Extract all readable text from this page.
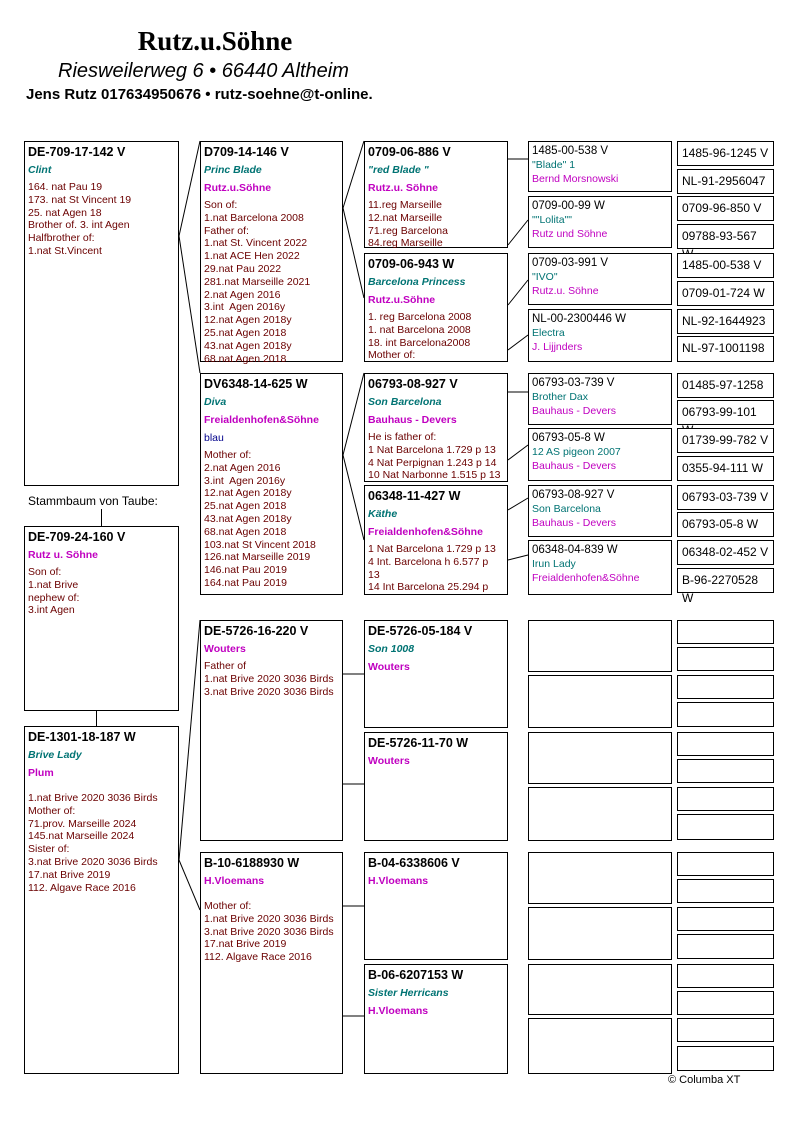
Rutz.u.Söhne
Riesweilerweg 6 • 66440 Altheim
Jens Rutz 017634950676 • rutz-soehne@t-online.
Stammbaum von Taube:
DE-709-24-160 V
Rutz u. Söhne
Son of:
1.nat Brive
nephew of:
3.int Agen
DE-709-17-142 V
Clint
164. nat Pau 19
173. nat St Vincent 19
25. nat Agen 18
Brother of. 3. int Agen
Halfbrother of:
1.nat St.Vincent
DE-1301-18-187 W
Brive Lady
Plum
1.nat Brive 2020 3036 Birds
Mother of:
71.prov. Marseille 2024
145.nat Marseille 2024
Sister of:
3.nat Brive 2020 3036 Birds
17.nat Brive 2019
112. Algave Race 2016
D709-14-146 V
Princ Blade
Rutz.u.Söhne
Son of:
1.nat Barcelona 2008
Father of:
1.nat St. Vincent 2022
1.nat ACE Hen 2022
29.nat Pau 2022
281.nat Marseille 2021
2.nat Agen 2016
3.int  Agen 2016y
12.nat Agen 2018y
25.nat Agen 2018
43.nat Agen 2018y
68.nat Agen 2018
DV6348-14-625 W
Diva
Freialdenhofen&Söhne
blau
Mother of:
2.nat Agen 2016
3.int  Agen 2016y
12.nat Agen 2018y
25.nat Agen 2018
43.nat Agen 2018y
68.nat Agen 2018
103.nat St Vincent 2018
126.nat Marseille 2019
146.nat Pau 2019
164.nat Pau 2019
DE-5726-16-220 V
Wouters
Father of
1.nat Brive 2020 3036 Birds
3.nat Brive 2020 3036 Birds
B-10-6188930 W
H.Vloemans
Mother of:
1.nat Brive 2020 3036 Birds
3.nat Brive 2020 3036 Birds
17.nat Brive 2019
112. Algave Race 2016
0709-06-886 V
"red Blade "
Rutz.u. Söhne
11.reg Marseille
12.nat Marseille
71.reg Barcelona
84.reg Marseille
0709-06-943 W
Barcelona Princess
Rutz.u.Söhne
1. reg Barcelona 2008
1. nat Barcelona 2008
18. int Barcelona2008
Mother of:
06793-08-927 V
Son Barcelona
Bauhaus - Devers
He is father of:
1 Nat Barcelona 1.729 p 13
4 Nat Perpignan 1.243 p 14
10 Nat Narbonne 1.515 p 13
06348-11-427 W
Käthe
Freialdenhofen&Söhne
1 Nat Barcelona 1.729 p 13
4 Int. Barcelona h 6.577 p
13
14 Int Barcelona 25.294 p
DE-5726-05-184 V
Son 1008
Wouters
DE-5726-11-70 W
Wouters
B-04-6338606 V
H.Vloemans
B-06-6207153 W
Sister Herricans
H.Vloemans
1485-00-538 V
"Blade" 1
Bernd Morsnowski
0709-00-99 W
""Lolita""
Rutz und Söhne
0709-03-991 V
"IVO"
Rutz.u. Söhne
NL-00-2300446 W
Electra
J. Lijjnders
06793-03-739 V
Brother Dax
Bauhaus - Devers
06793-05-8 W
12 AS pigeon 2007
Bauhaus - Devers
06793-08-927 V
Son Barcelona
Bauhaus - Devers
06348-04-839 W
Irun Lady
Freialdenhofen&Söhne
1485-96-1245 V
NL-91-2956047
0709-96-850 V
09788-93-567
1485-00-538 V
0709-01-724 W
NL-92-1644923
NL-97-1001198
01485-97-1258
06793-99-101
01739-99-782 V
0355-94-111 W
06793-03-739 V
06793-05-8 W
06348-02-452 V
B-96-2270528 W
© Columba XT
